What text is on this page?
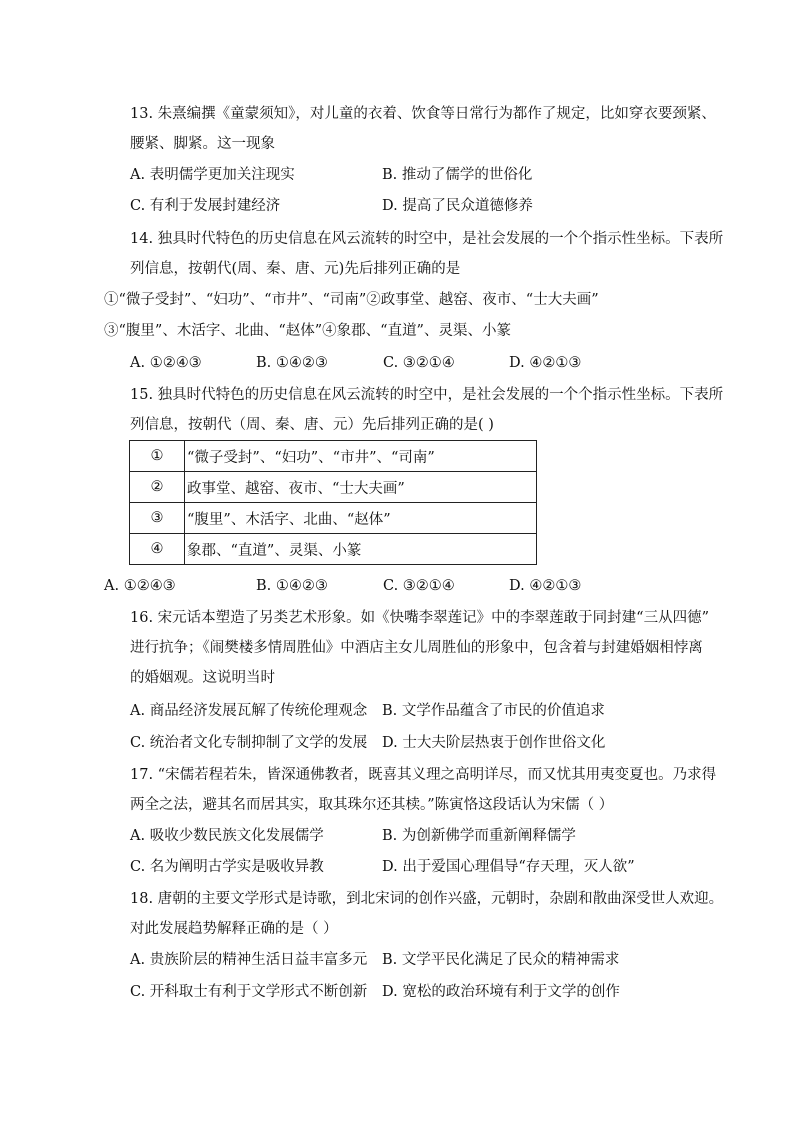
13. 朱熹编撰《童蒙须知》，对儿童的衣着、饮食等日常行为都作了规定，比如穿衣要颈紧、
腰紧、脚紧。这一现象
A. 表明儒学更加关注现实	B. 推动了儒学的世俗化
C. 有利于发展封建经济	D. 提高了民众道德修养
14. 独具时代特色的历史信息在风云流转的时空中，是社会发展的一个个指示性坐标。下表所
列信息，按朝代(周、秦、唐、元)先后排列正确的是
①“微子受封”、“妇功”、“市井”、“司南”②政事堂、越窑、夜市、“士大夫画”
③“腹里”、木活字、北曲、“赵体”④象郡、“直道”、灵渠、小篆
A. ①②④③	B. ①④②③	C. ③②①④	D. ④②①③
15. 独具时代特色的历史信息在风云流转的时空中，是社会发展的一个个指示性坐标。下表所
列信息，按朝代（周、秦、唐、元）先后排列正确的是( )
①	“微子受封”、“妇功”、“市井”、“司南”
②	政事堂、越窑、夜市、“士大夫画”
③	“腹里”、木活字、北曲、“赵体”
④	象郡、“直道”、灵渠、小篆
A. ①②④③	B. ①④②③	C. ③②①④	D. ④②①③
16. 宋元话本塑造了另类艺术形象。如《快嘴李翠莲记》中的李翠莲敢于同封建“三从四德”
进行抗争；《闹樊楼多情周胜仙》中酒店主女儿周胜仙的形象中，包含着与封建婚姻相悖离
的婚姻观。这说明当时
A. 商品经济发展瓦解了传统伦理观念 B. 文学作品蕴含了市民的价值追求
C. 统治者文化专制抑制了文学的发展 D. 士大夫阶层热衷于创作世俗文化
17. “宋儒若程若朱，皆深通佛教者，既喜其义理之高明详尽，而又忧其用夷变夏也。乃求得
两全之法，避其名而居其实，取其珠尔还其椟。”陈寅恪这段话认为宋儒（ ）
A. 吸收少数民族文化发展儒学	B. 为创新佛学而重新阐释儒学
C. 名为阐明古学实是吸收异教	D. 出于爱国心理倡导“存天理，灭人欲”
18. 唐朝的主要文学形式是诗歌，到北宋词的创作兴盛，元朝时，杂剧和散曲深受世人欢迎。
对此发展趋势解释正确的是（ ）
A. 贵族阶层的精神生活日益丰富多元 B. 文学平民化满足了民众的精神需求
C. 开科取士有利于文学形式不断创新 D. 宽松的政治环境有利于文学的创作
